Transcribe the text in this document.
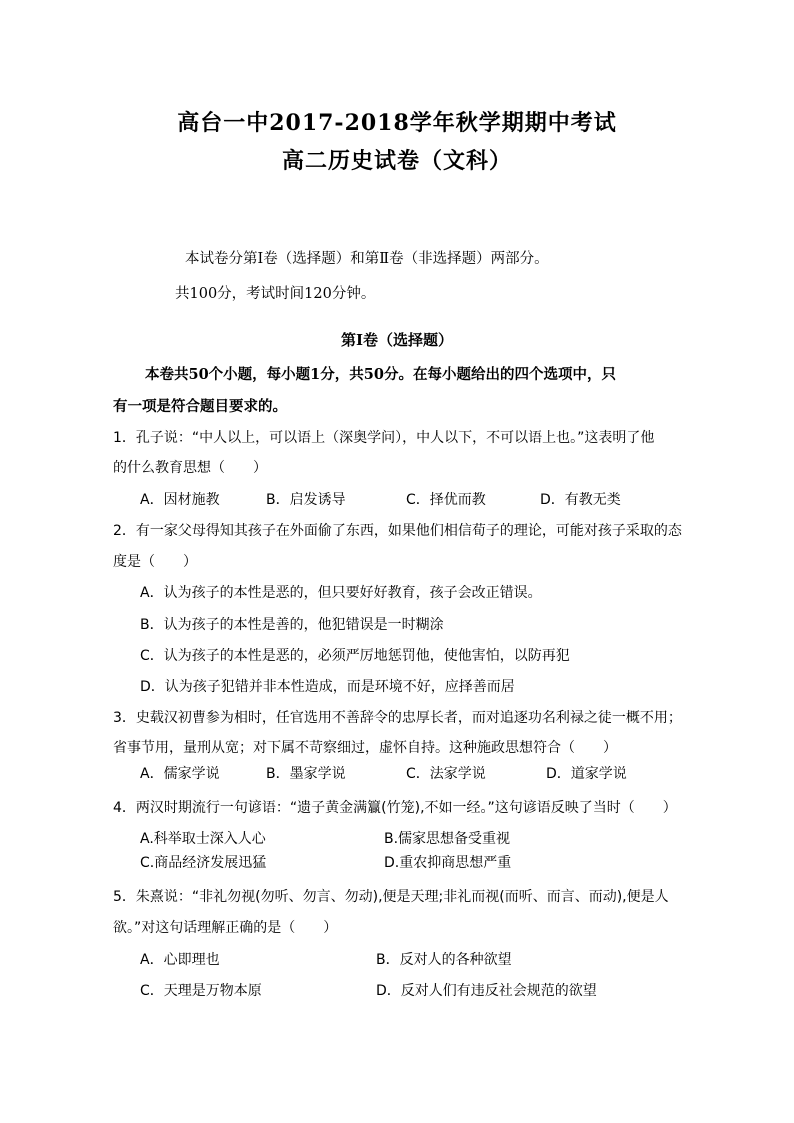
高台一中2017-2018学年秋学期期中考试
高二历史试卷（文科）
本试卷分第Ⅰ卷（选择题）和第Ⅱ卷（非选择题）两部分。
共100分，考试时间120分钟。
第Ⅰ卷（选择题）
本卷共50个小题，每小题1分，共50分。在每小题给出的四个选项中，只
有一项是符合题目要求的。
1．孔子说：“中人以上，可以语上（深奥学问），中人以下，不可以语上也。”这表明了他
的什么教育思想（　　）
A．因材施教	B．启发诱导	C．择优而教	D．有教无类
2．有一家父母得知其孩子在外面偷了东西，如果他们相信荀子的理论，可能对孩子采取的态
度是（　　）
A．认为孩子的本性是恶的，但只要好好教育，孩子会改正错误。
B．认为孩子的本性是善的，他犯错误是一时糊涂
C．认为孩子的本性是恶的，必须严厉地惩罚他，使他害怕，以防再犯
D．认为孩子犯错并非本性造成，而是环境不好，应择善而居
3．史载汉初曹参为相时，任官选用不善辞令的忠厚长者，而对追逐功名利禄之徒一概不用；
省事节用，量刑从宽；对下属不苛察细过，虚怀自持。这种施政思想符合（　　）
A．儒家学说	B．墨家学说	C．法家学说	D．道家学说
4．两汉时期流行一句谚语：“遗子黄金满籯(竹笼),不如一经。”这句谚语反映了当时（　　）
A.科举取士深入人心	B.儒家思想备受重视
C.商品经济发展迅猛	D.重农抑商思想严重
5．朱熹说：“非礼勿视(勿听、勿言、勿动),便是天理;非礼而视(而听、而言、而动),便是人
欲。”对这句话理解正确的是（　　）
A．心即理也	B．反对人的各种欲望
C．天理是万物本原	D．反对人们有违反社会规范的欲望
